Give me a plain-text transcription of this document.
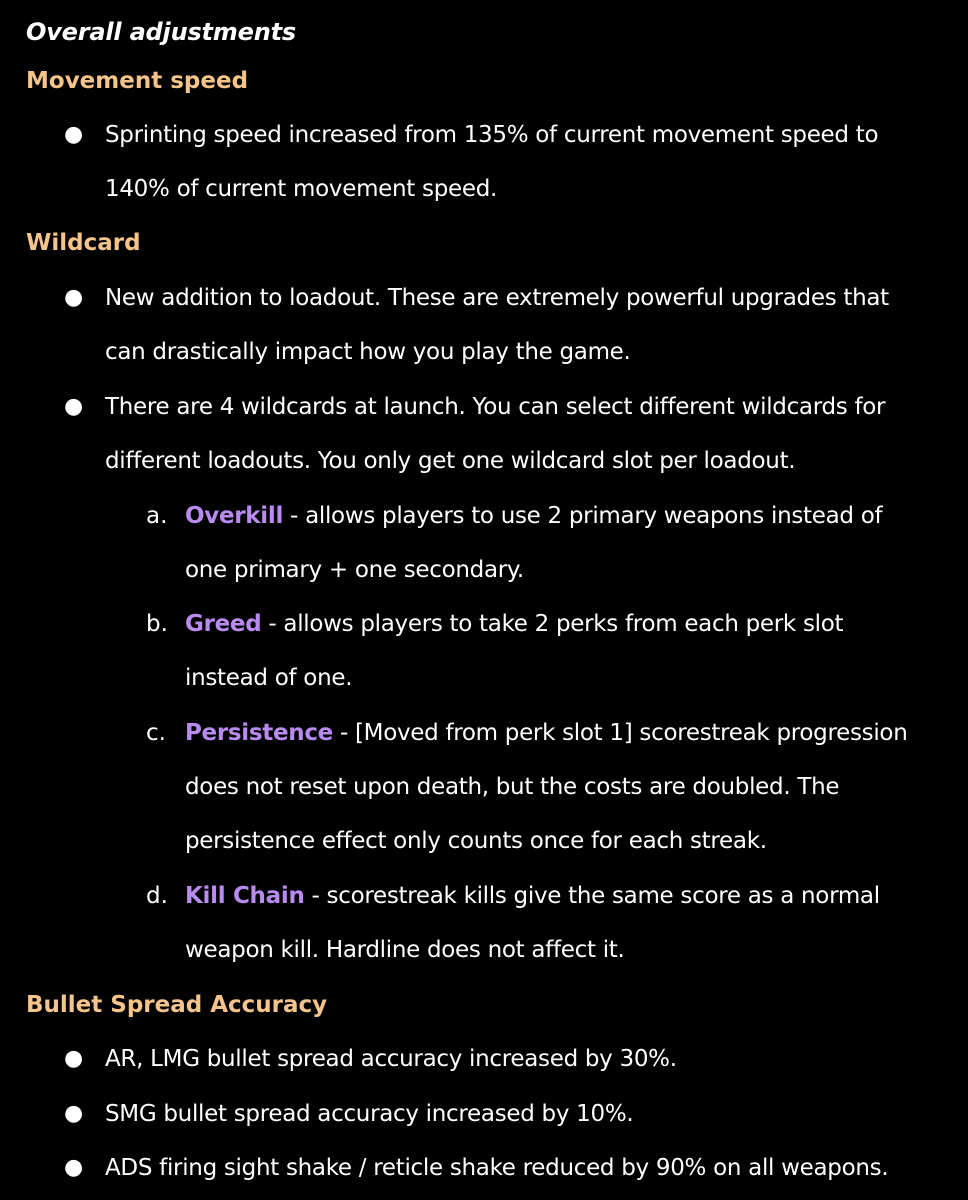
Overall adjustments
Movement speed
● Sprinting speed increased from 135% of current movement speed to
140% of current movement speed.

Wildcard
● New addition to loadout. These are extremely powerful upgrades that
can drastically impact how you play the game.

● There are 4 wildcards at launch. You can select different wildcards for
different loadouts. You only get one wildcard slot per loadout.

a. Overkill - allows players to use 2 primary weapons instead of
one primary + one secondary.

b. Greed - allows players to take 2 perks from each perk slot
instead of one.

c. Persistence - [Moved from perk slot 1] scorestreak progression
does not reset upon death, but the costs are doubled. The
persistence effect only counts once for each streak.

d. Kill Chain - scorestreak kills give the same score as a normal
weapon kill. Hardline does not affect it.

Bullet Spread Accuracy
● AR, LMG bullet spread accuracy increased by 30%.

● SMG bullet spread accuracy increased by 10%.

● ADS firing sight shake / reticle shake reduced by 90% on all weapons.
